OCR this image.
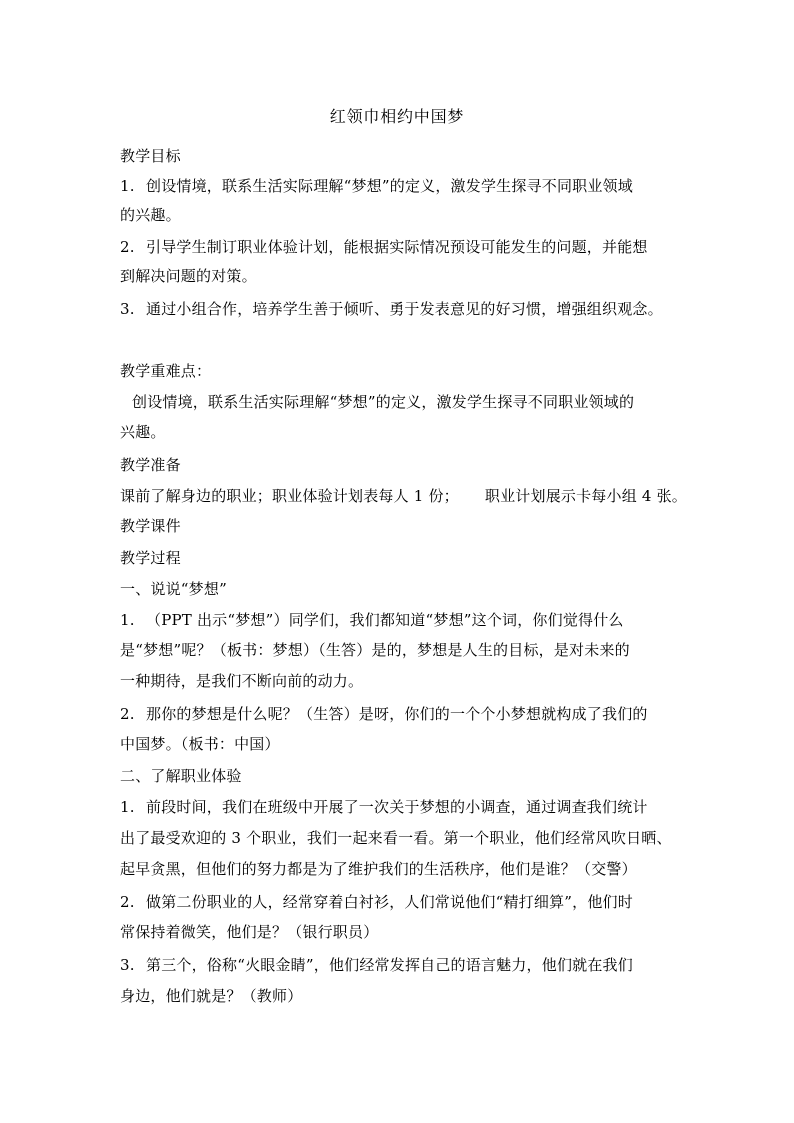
红领巾相约中国梦
教学目标
1. 创设情境，联系生活实际理解“梦想”的定义，激发学生探寻不同职业领域
的兴趣。
2. 引导学生制订职业体验计划，能根据实际情况预设可能发生的问题，并能想
到解决问题的对策。
3. 通过小组合作，培养学生善于倾听、勇于发表意见的好习惯，增强组织观念。
教学重难点：
创设情境，联系生活实际理解“梦想”的定义，激发学生探寻不同职业领域的
兴趣。
教学准备
课前了解身边的职业；职业体验计划表每人 1 份； 职业计划展示卡每小组 4 张。
教学课件
教学过程
一、说说“梦想”
1. （PPT 出示“梦想”）同学们，我们都知道“梦想”这个词，你们觉得什么
是“梦想”呢？（板书：梦想）（生答）是的，梦想是人生的目标，是对未来的
一种期待，是我们不断向前的动力。
2. 那你的梦想是什么呢？（生答）是呀，你们的一个个小梦想就构成了我们的
中国梦。（板书：中国）
二、了解职业体验
1. 前段时间，我们在班级中开展了一次关于梦想的小调查，通过调查我们统计
出了最受欢迎的 3 个职业，我们一起来看一看。第一个职业，他们经常风吹日晒、
起早贪黑，但他们的努力都是为了维护我们的生活秩序，他们是谁？（交警）
2. 做第二份职业的人，经常穿着白衬衫，人们常说他们“精打细算”，他们时
常保持着微笑，他们是？（银行职员）
3. 第三个，俗称“火眼金睛”，他们经常发挥自己的语言魅力，他们就在我们
身边，他们就是？（教师）
